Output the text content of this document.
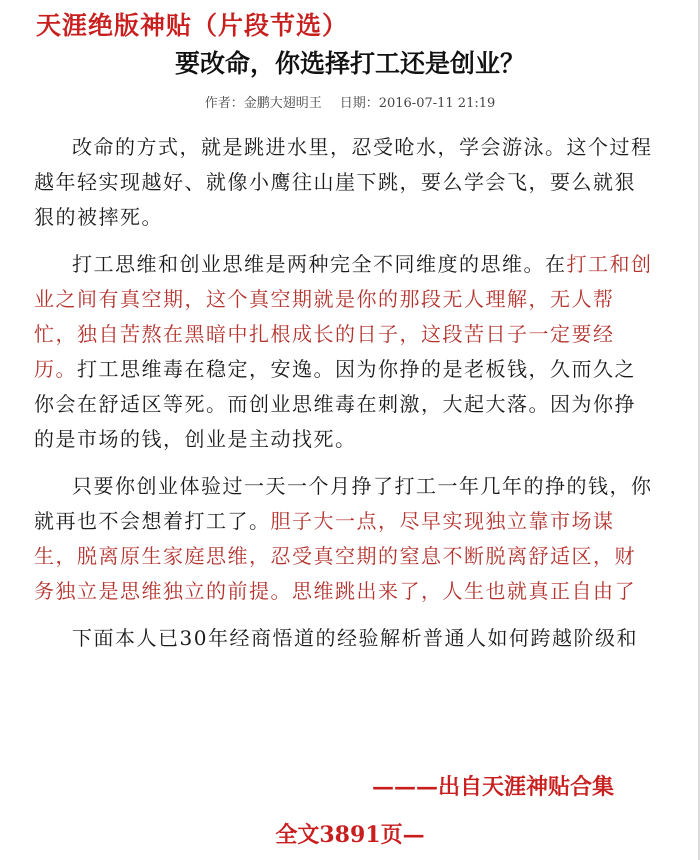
天涯绝版神贴（片段节选）
要改命，你选择打工还是创业？
作者：金鹏大翅明王 日期：2016-07-11 21:19

改命的方式，就是跳进水里，忍受呛水，学会游泳。这个过程越年轻实现越好、就像小鹰往山崖下跳，要么学会飞，要么就狠狠的被摔死。

打工思维和创业思维是两种完全不同维度的思维。在打工和创业之间有真空期，这个真空期就是你的那段无人理解，无人帮忙，独自苦熬在黑暗中扎根成长的日子，这段苦日子一定要经历。打工思维毒在稳定，安逸。因为你挣的是老板钱，久而久之你会在舒适区等死。而创业思维毒在刺激，大起大落。因为你挣的是市场的钱，创业是主动找死。

只要你创业体验过一天一个月挣了打工一年几年的挣的钱，你就再也不会想着打工了。胆子大一点，尽早实现独立靠市场谋生，脱离原生家庭思维，忍受真空期的窒息不断脱离舒适区，财务独立是思维独立的前提。思维跳出来了，人生也就真正自由了

下面本人已30年经商悟道的经验解析普通人如何跨越阶级和

———出自天涯神贴合集
全文3891页—
